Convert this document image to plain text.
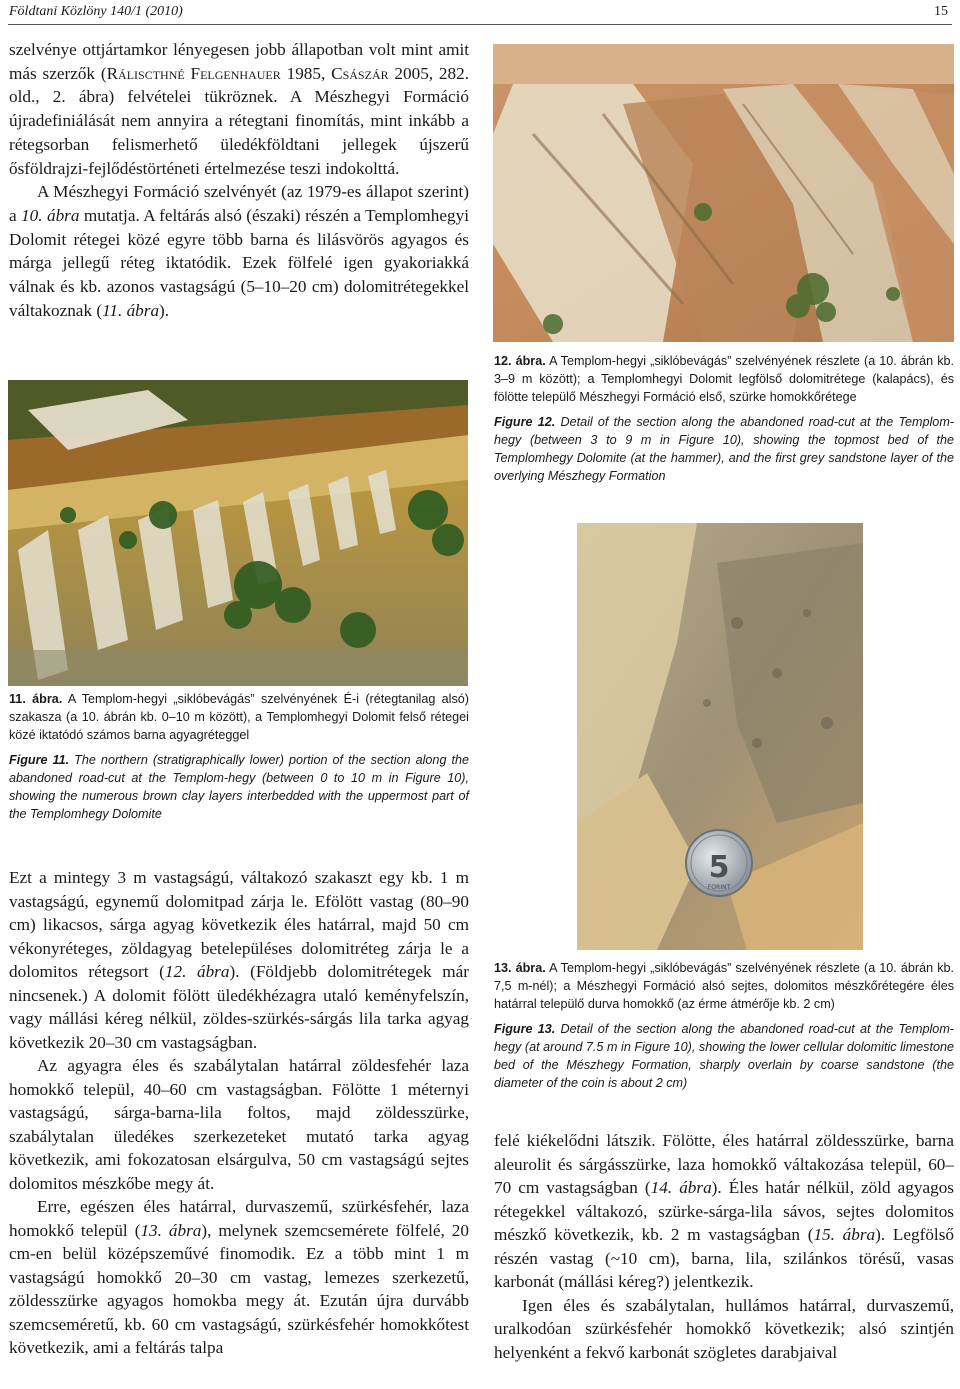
Földtani Közlöny 140/1 (2010)	15

szelvénye ottjártamkor lényegesen jobb állapotban volt mint amit más szerzők (Ráliscthné Felgenhauer 1985, Császár 2005, 282. old., 2. ábra) felvételei tükröznek. A Mészhegyi Formáció újradefiniálását nem annyira a rétegtani finomítás, mint inkább a rétegsorban felismerhető üledékföldtani jellegek újszerű ősföldrajzi-fejlődéstörténeti értelmezése teszi indokolttá.

A Mészhegyi Formáció szelvényét (az 1979-es állapot szerint) a 10. ábra mutatja. A feltárás alsó (északi) részén a Templomhegyi Dolomit rétegei közé egyre több barna és lilásvörös agyagos és márga jellegű réteg iktatódik. Ezek fölfelé igen gyakoriakká válnak és kb. azonos vastagságú (5–10–20 cm) dolomitrétegekkel váltakoznak (11. ábra).

12. ábra. A Templom-hegyi „siklóbevágás” szelvényének részlete (a 10. ábrán kb. 3–9 m között); a Templomhegyi Dolomit legfölső dolomitrétege (kalapács), és fölötte települő Mészhegyi Formáció első, szürke homokkőrétege

Figure 12. Detail of the section along the abandoned road-cut at the Templom-hegy (between 3 to 9 m in Figure 10), showing the topmost bed of the Templomhegy Dolomite (at the hammer), and the first grey sandstone layer of the overlying Mészhegy Formation

11. ábra. A Templom-hegyi „siklóbevágás” szelvényének É-i (rétegtanilag alsó) szakasza (a 10. ábrán kb. 0–10 m között), a Templomhegyi Dolomit felső rétegei közé iktatódó számos barna agyagréteggel

Figure 11. The northern (stratigraphically lower) portion of the section along the abandoned road-cut at the Templom-hegy (between 0 to 10 m in Figure 10), showing the numerous brown clay layers interbedded with the uppermost part of the Templomhegy Dolomite

5
FORINT

13. ábra. A Templom-hegyi „siklóbevágás” szelvényének részlete (a 10. ábrán kb. 7,5 m-nél); a Mészhegyi Formáció alsó sejtes, dolomitos mészkőrétegére éles határral települő durva homokkő (az érme átmérője kb. 2 cm)

Figure 13. Detail of the section along the abandoned road-cut at the Templom-hegy (at around 7.5 m in Figure 10), showing the lower cellular dolomitic limestone bed of the Mészhegy Formation, sharply overlain by coarse sandstone (the diameter of the coin is about 2 cm)

Ezt a mintegy 3 m vastagságú, váltakozó szakaszt egy kb. 1 m vastagságú, egynemű dolomitpad zárja le. Efölött vastag (80–90 cm) likacsos, sárga agyag következik éles határral, majd 50 cm vékonyréteges, zöldagyag betelepüléses dolomitréteg zárja le a dolomitos rétegsort (12. ábra). (Földjebb dolomitrétegek már nincsenek.) A dolomit fölött üledékhézagra utaló keményfelszín, vagy mállási kéreg nélkül, zöldes-szürkés-sárgás lila tarka agyag következik 20–30 cm vastagságban.

Az agyagra éles és szabálytalan határral zöldesfehér laza homokkő települ, 40–60 cm vastagságban. Fölötte 1 méternyi vastagságú, sárga-barna-lila foltos, majd zöldesszürke, szabálytalan üledékes szerkezeteket mutató tarka agyag következik, ami fokozatosan elsárgulva, 50 cm vastagságú sejtes dolomitos mészkőbe megy át.

Erre, egészen éles határral, durvaszemű, szürkésfehér, laza homokkő települ (13. ábra), melynek szemcsemérete fölfelé, 20 cm-en belül középszeművé finomodik. Ez a több mint 1 m vastagságú homokkő 20–30 cm vastag, lemezes szerkezetű, zöldesszürke agyagos homokba megy át. Ezután újra durvább szemcseméretű, kb. 60 cm vastagságú, szürkésfehér homokkőtest következik, ami a feltárás talpa

felé kiékelődni látszik. Fölötte, éles határral zöldesszürke, barna aleurolit és sárgásszürke, laza homokkő váltakozása települ, 60–70 cm vastagságban (14. ábra). Éles határ nélkül, zöld agyagos rétegekkel váltakozó, szürke-sárga-lila sávos, sejtes dolomitos mészkő következik, kb. 2 m vastagságban (15. ábra). Legfölső részén vastag (~10 cm), barna, lila, szilánkos törésű, vasas karbonát (mállási kéreg?) jelentkezik.

Igen éles és szabálytalan, hullámos határral, durvaszemű, uralkodóan szürkésfehér homokkő következik; alsó szintjén helyenként a fekvő karbonát szögletes darabjaival
